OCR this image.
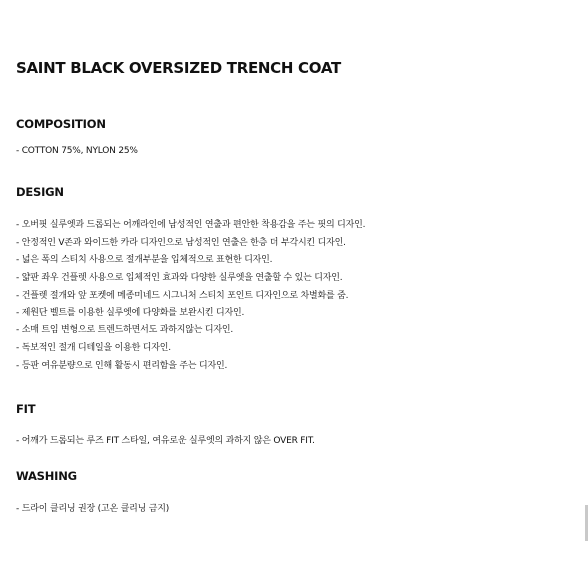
SAINT BLACK OVERSIZED TRENCH COAT
COMPOSITION
- COTTON 75%, NYLON 25%
DESIGN
- 오버핏 실루엣과 드롭되는 어깨라인에 남성적인 연출과 편안한 착용감을 주는 핏의 디자인.
- 안정적인 V존과 와이드한 카라 디자인으로 남성적인 연출은 한층 더 부각시킨 디자인.
- 넓은 폭의 스티치 사용으로 절개부분을 입체적으로 표현한 디자인.
- 얇판 좌우 건플렛 사용으로 입체적인 효과와 다양한 실루엣을 연출할 수 있는 디자인.
- 건플렛 절개와 앞 포켓에 메종미네드 시그니처 스티치 포인트 디자인으로 차별화를 줌.
- 제원단 벨트를 이용한 실루엣에 다양화를 보완시킨 디자인.
- 소매 트임 변형으로 트렌드하면서도 과하지않는 디자인.
- 독보적인 절개 디테일을 이용한 디자인.
- 등판 여유분량으로 인해 활동시 편리함을 주는 디자인.
FIT
- 어깨가 드롭되는 루즈 FIT 스타일, 여유로운 실루엣의 과하지 않은 OVER FIT.
WASHING
- 드라이 클리닝 권장 (고온 클리닝 금지)
